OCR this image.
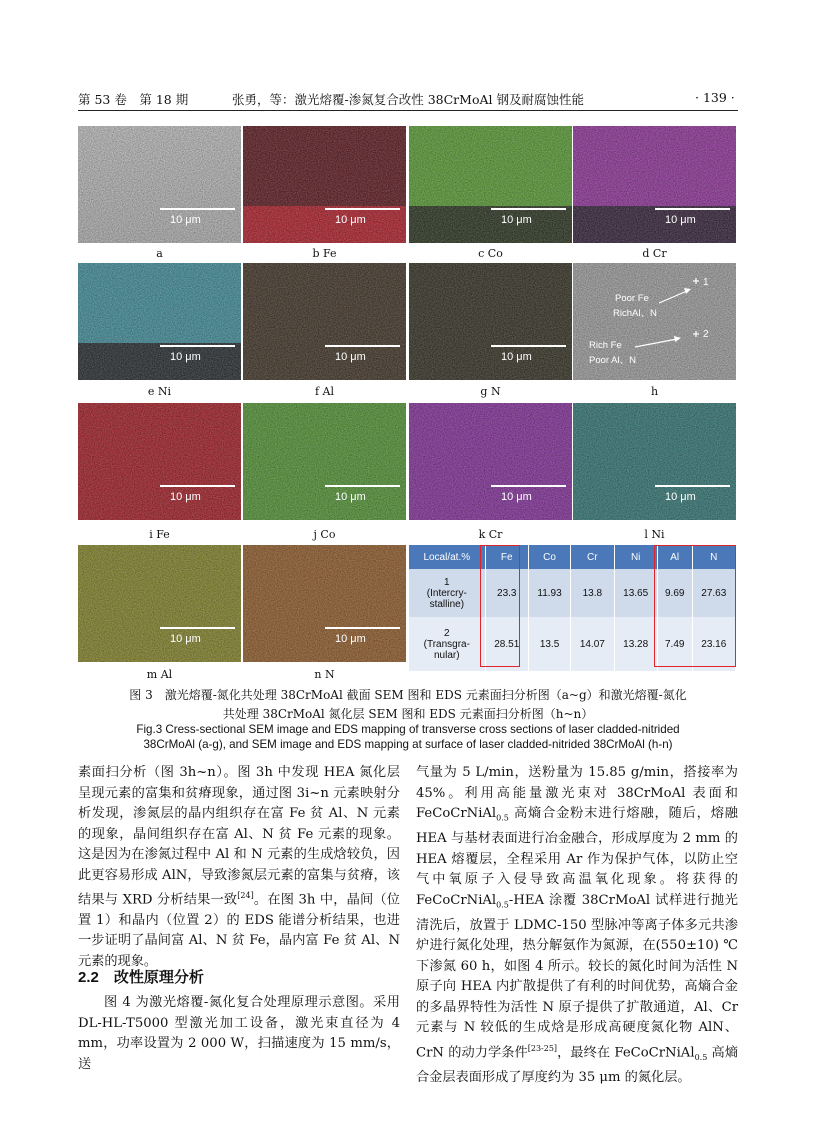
第 53 卷　第 18 期	张勇，等：激光熔覆-渗氮复合改性 38CrMoAl 钢及耐腐蚀性能	· 139 ·
10 μm
a
10 μm
b Fe
10 μm
c Co
10 μm
d Cr
10 μm
e Ni
10 μm
f Al
10 μm
g N	h
10 μm
i Fe
10 μm
j Co
10 μm
k Cr
10 μm
l Ni
10 μm
m Al
10 μm
n N
Poor Fe
RichAl、N
Rich Fe
Poor Al、N
1
2
Local/at.%	Fe	Co	Cr	Ni	Al	N
1
(Intercry-
stalline)	23.3	11.93	13.8	13.65	9.69	27.63
2
(Transgra-
nular)	28.51	13.5	14.07	13.28	7.49	23.16
图 3　激光熔覆-氮化共处理 38CrMoAl 截面 SEM 图和 EDS 元素面扫分析图（a~g）和激光熔覆-氮化
共处理 38CrMoAl 氮化层 SEM 图和 EDS 元素面扫分析图（h~n）
Fig.3 Cress-sectional SEM image and EDS mapping of transverse cross sections of laser cladded-nitrided
38CrMoAl (a-g), and SEM image and EDS mapping at surface of laser cladded-nitrided 38CrMoAl (h-n)

素面扫分析（图 3h~n）。图 3h 中发现 HEA 氮化层呈现元素的富集和贫瘠现象，通过图 3i~n 元素映射分析发现，渗氮层的晶内组织存在富 Fe 贫 Al、N 元素的现象，晶间组织存在富 Al、N 贫 Fe 元素的现象。这是因为在渗氮过程中 Al 和 N 元素的生成焓较负，因此更容易形成 AlN，导致渗氮层元素的富集与贫瘠，该结果与 XRD 分析结果一致[24]。在图 3h 中，晶间（位置 1）和晶内（位置 2）的 EDS 能谱分析结果，也进一步证明了晶间富 Al、N 贫 Fe，晶内富 Fe 贫 Al、N 元素的现象。

2.2　改性原理分析

图 4 为激光熔覆-氮化复合处理原理示意图。采用 DL-HL-T5000 型激光加工设备，激光束直径为 4 mm，功率设置为 2 000 W，扫描速度为 15 mm/s，送

气量为 5 L/min，送粉量为 15.85 g/min，搭接率为 45%。利用高能量激光束对 38CrMoAl 表面和 FeCoCrNiAl$_{0.5}$ 高熵合金粉末进行熔融，随后，熔融 HEA 与基材表面进行冶金融合，形成厚度为 2 mm 的 HEA 熔覆层，全程采用 Ar 作为保护气体，以防止空气中氧原子入侵导致高温氧化现象。将获得的 FeCoCrNiAl$_{0.5}$-HEA 涂覆 38CrMoAl 试样进行抛光清洗后，放置于 LDMC-150 型脉冲等离子体多元共渗炉进行氮化处理，热分解氨作为氮源，在(550±10) ℃下渗氮 60 h，如图 4 所示。较长的氮化时间为活性 N 原子向 HEA 内扩散提供了有利的时间优势，高熵合金的多晶界特性为活性 N 原子提供了扩散通道，Al、Cr 元素与 N 较低的生成焓是形成高硬度氮化物 AlN、CrN 的动力学条件[23-25]，最终在 FeCoCrNiAl$_{0.5}$ 高熵合金层表面形成了厚度约为 35 μm 的氮化层。
